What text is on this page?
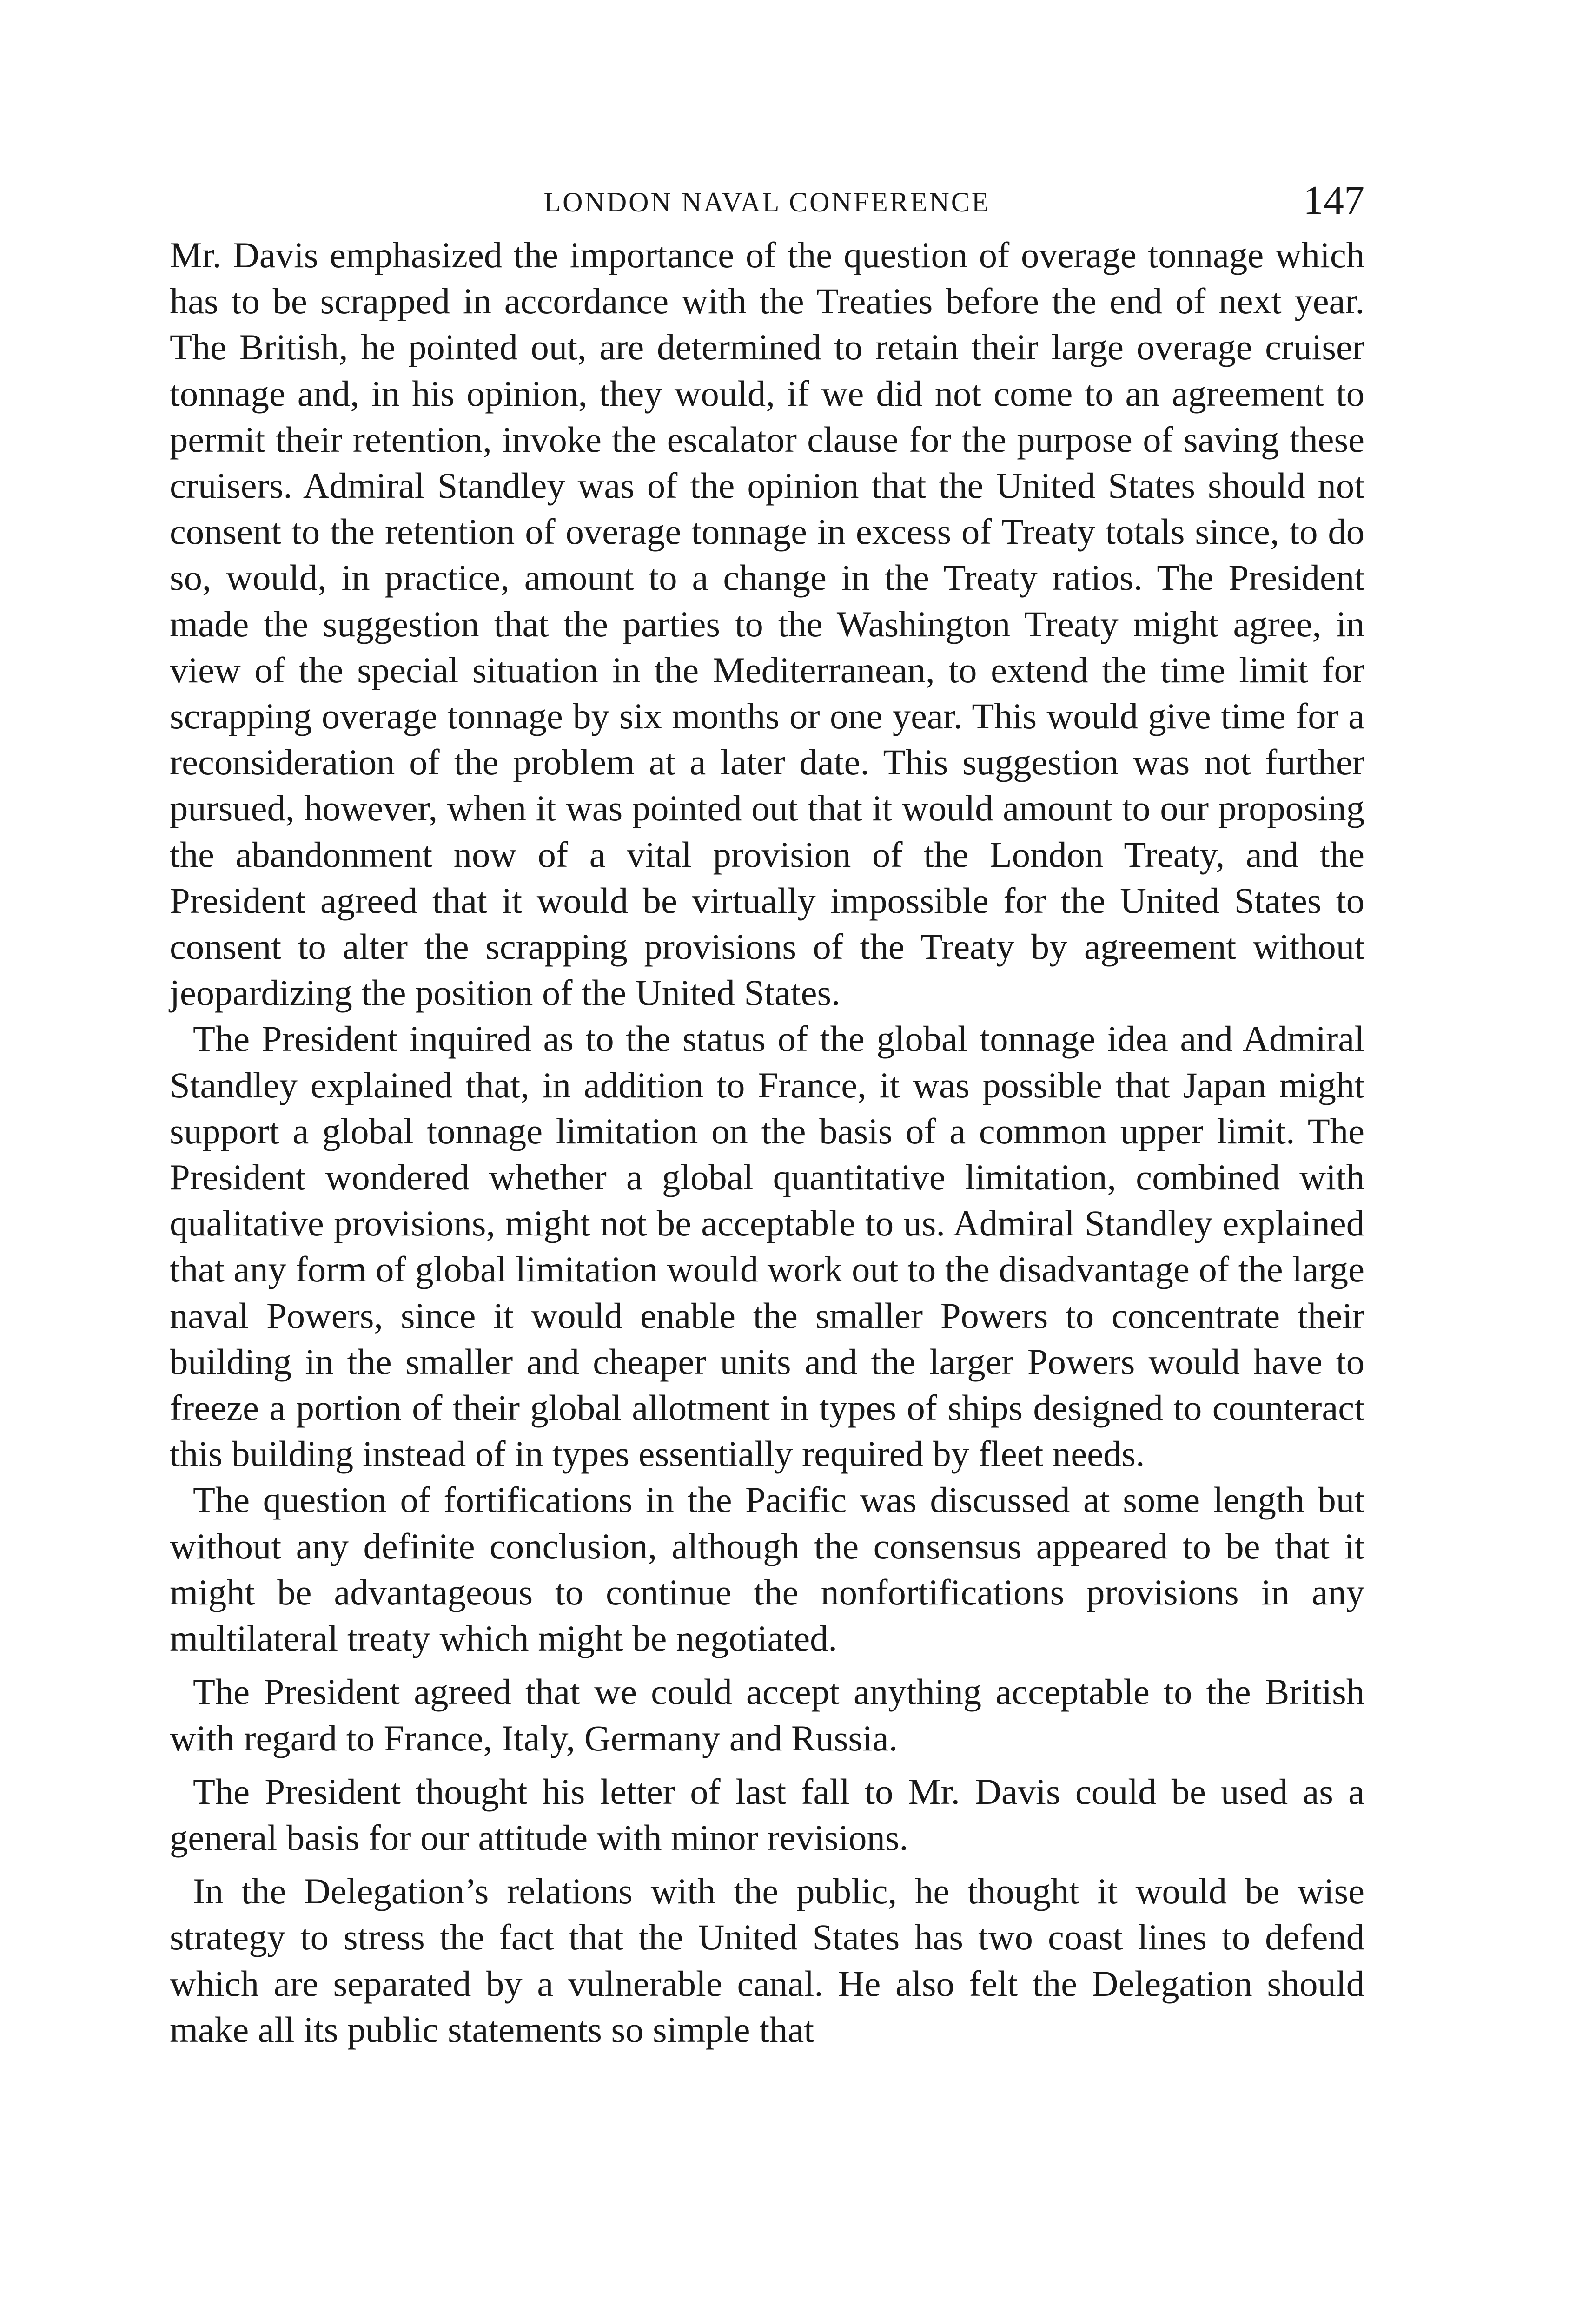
LONDON NAVAL CONFERENCE	147

Mr. Davis emphasized the importance of the question of overage tonnage which has to be scrapped in accordance with the Treaties before the end of next year. The British, he pointed out, are determined to retain their large overage cruiser tonnage and, in his opinion, they would, if we did not come to an agreement to permit their retention, invoke the escalator clause for the purpose of saving these cruisers. Admiral Standley was of the opinion that the United States should not consent to the retention of overage tonnage in excess of Treaty totals since, to do so, would, in practice, amount to a change in the Treaty ratios. The President made the suggestion that the parties to the Washington Treaty might agree, in view of the special situation in the Mediterranean, to extend the time limit for scrapping overage tonnage by six months or one year. This would give time for a reconsideration of the problem at a later date. This suggestion was not further pursued, however, when it was pointed out that it would amount to our proposing the abandonment now of a vital provision of the London Treaty, and the President agreed that it would be virtually impossible for the United States to consent to alter the scrapping provisions of the Treaty by agreement without jeopardizing the position of the United States.

The President inquired as to the status of the global tonnage idea and Admiral Standley explained that, in addition to France, it was possible that Japan might support a global tonnage limitation on the basis of a common upper limit. The President wondered whether a global quantitative limitation, combined with qualitative provisions, might not be acceptable to us. Admiral Standley explained that any form of global limitation would work out to the disadvantage of the large naval Powers, since it would enable the smaller Powers to concentrate their building in the smaller and cheaper units and the larger Powers would have to freeze a portion of their global allotment in types of ships designed to counteract this building instead of in types essentially required by fleet needs.

The question of fortifications in the Pacific was discussed at some length but without any definite conclusion, although the consensus appeared to be that it might be advantageous to continue the nonfortifications provisions in any multilateral treaty which might be negotiated.

The President agreed that we could accept anything acceptable to the British with regard to France, Italy, Germany and Russia.

The President thought his letter of last fall to Mr. Davis could be used as a general basis for our attitude with minor revisions.

In the Delegation’s relations with the public, he thought it would be wise strategy to stress the fact that the United States has two coast lines to defend which are separated by a vulnerable canal. He also felt the Delegation should make all its public statements so simple that
